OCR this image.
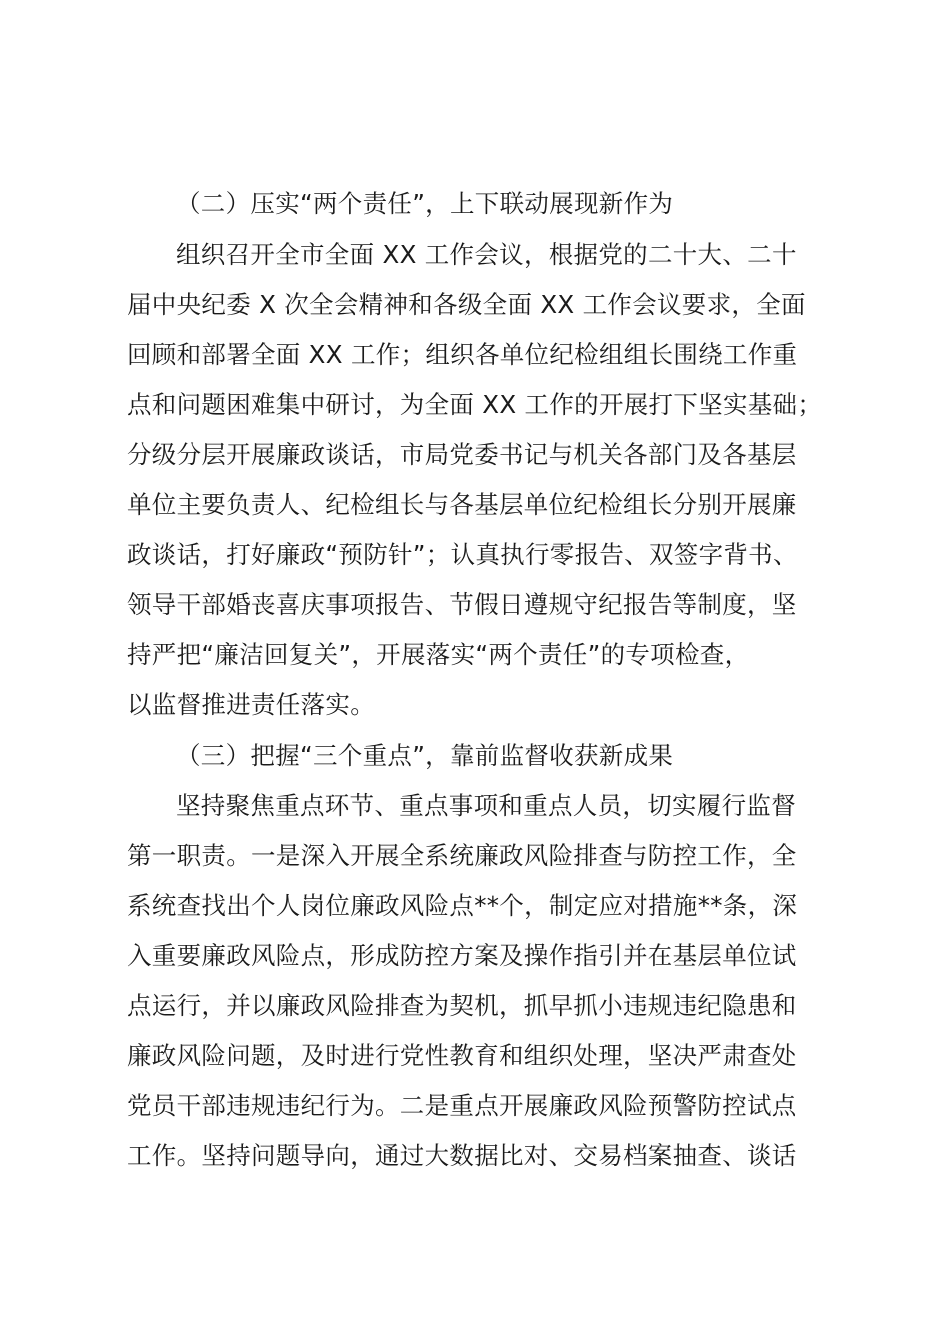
（二）压实“两个责任”，上下联动展现新作为
组织召开全市全面 XX 工作会议，根据党的二十大、二十
届中央纪委 X 次全会精神和各级全面 XX 工作会议要求，全面
回顾和部署全面 XX 工作；组织各单位纪检组组长围绕工作重
点和问题困难集中研讨，为全面 XX 工作的开展打下坚实基础；
分级分层开展廉政谈话，市局党委书记与机关各部门及各基层
单位主要负责人、纪检组长与各基层单位纪检组长分别开展廉
政谈话，打好廉政“预防针”；认真执行零报告、双签字背书、
领导干部婚丧喜庆事项报告、节假日遵规守纪报告等制度，坚
持严把“廉洁回复关”，开展落实“两个责任”的专项检查，
以监督推进责任落实。
（三）把握“三个重点”，靠前监督收获新成果
坚持聚焦重点环节、重点事项和重点人员，切实履行监督
第一职责。一是深入开展全系统廉政风险排查与防控工作，全
系统查找出个人岗位廉政风险点**个，制定应对措施**条，深
入重要廉政风险点，形成防控方案及操作指引并在基层单位试
点运行，并以廉政风险排查为契机，抓早抓小违规违纪隐患和
廉政风险问题，及时进行党性教育和组织处理，坚决严肃查处
党员干部违规违纪行为。二是重点开展廉政风险预警防控试点
工作。坚持问题导向，通过大数据比对、交易档案抽查、谈话
